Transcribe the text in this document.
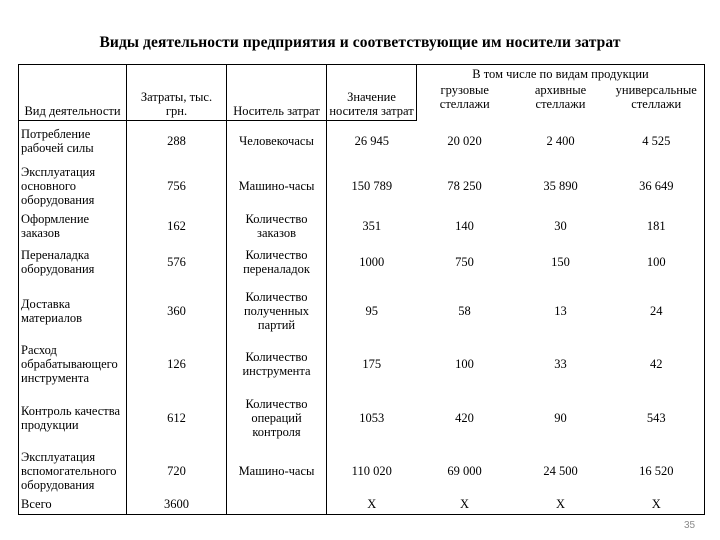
Виды деятельности предприятия и соответствующие им носители затрат
Вид деятельности	Затраты, тыс. грн.	Носитель затрат	Значение носителя затрат	В том числе по видам продукции		
				грузовые стеллажи	архивные стеллажи	универсальные стеллажи
Потребление рабочей силы	288	Человекочасы	26 945	20 020	2 400	4 525
Эксплуатация основного оборудования	756	Машино-часы	150 789	78 250	35 890	36 649
Оформление заказов	162	Количество заказов	351	140	30	181
Переналадка оборудования	576	Количество переналадок	1000	750	150	100
Доставка материалов	360	Количество полученных партий	95	58	13	24
Расход обрабатывающего инструмента	126	Количество инструмента	175	100	33	42
Контроль качества продукции	612	Количество операций контроля	1053	420	90	543
Эксплуатация вспомогательного оборудования	720	Машино-часы	110 020	69 000	24 500	16 520
Всего	3600		X	X	X	X
35
